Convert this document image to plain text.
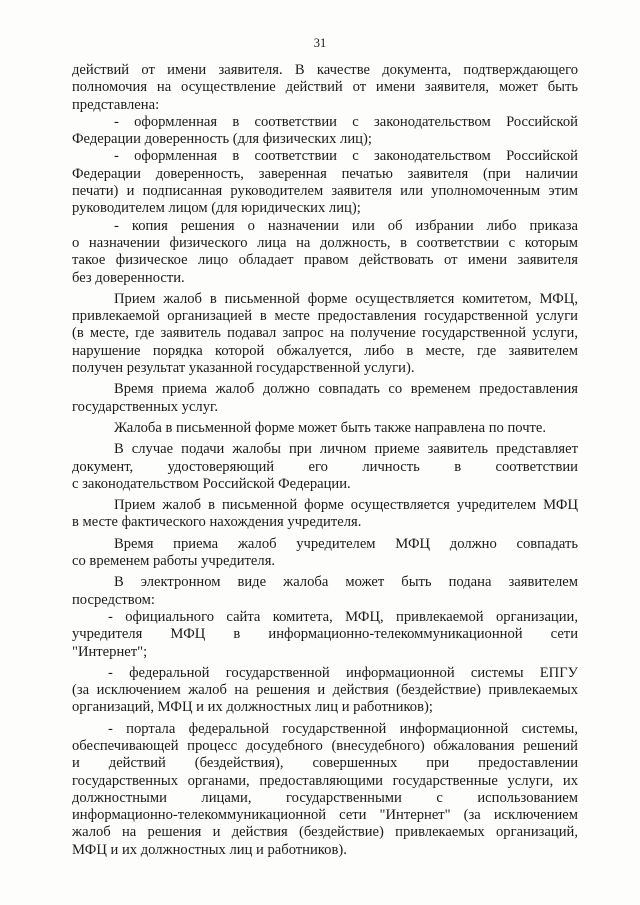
31
действий от имени заявителя. В качестве документа, подтверждающего
полномочия на осуществление действий от имени заявителя, может быть
представлена:
- оформленная в соответствии с законодательством Российской
Федерации доверенность (для физических лиц);
- оформленная в соответствии с законодательством Российской
Федерации доверенность, заверенная печатью заявителя (при наличии
печати) и подписанная руководителем заявителя или уполномоченным этим
руководителем лицом (для юридических лиц);
- копия решения о назначении или об избрании либо приказа
о назначении физического лица на должность, в соответствии с которым
такое физическое лицо обладает правом действовать от имени заявителя
без доверенности.
Прием жалоб в письменной форме осуществляется комитетом, МФЦ,
привлекаемой организацией в месте предоставления государственной услуги
(в месте, где заявитель подавал запрос на получение государственной услуги,
нарушение порядка которой обжалуется, либо в месте, где заявителем
получен результат указанной государственной услуги).
Время приема жалоб должно совпадать со временем предоставления
государственных услуг.
Жалоба в письменной форме может быть также направлена по почте.
В случае подачи жалобы при личном приеме заявитель представляет
документ, удостоверяющий его личность в соответствии
с законодательством Российской Федерации.
Прием жалоб в письменной форме осуществляется учредителем МФЦ
в месте фактического нахождения учредителя.
Время приема жалоб учредителем МФЦ должно совпадать
со временем работы учредителя.
В электронном виде жалоба может быть подана заявителем
посредством:
- официального сайта комитета, МФЦ, привлекаемой организации,
учредителя МФЦ в информационно-телекоммуникационной сети
"Интернет";
- федеральной государственной информационной системы ЕПГУ
(за исключением жалоб на решения и действия (бездействие) привлекаемых
организаций, МФЦ и их должностных лиц и работников);
- портала федеральной государственной информационной системы,
обеспечивающей процесс досудебного (внесудебного) обжалования решений
и действий (бездействия), совершенных при предоставлении
государственных органами, предоставляющими государственные услуги, их
должностными лицами, государственными с использованием
информационно-телекоммуникационной сети "Интернет" (за исключением
жалоб на решения и действия (бездействие) привлекаемых организаций,
МФЦ и их должностных лиц и работников).
